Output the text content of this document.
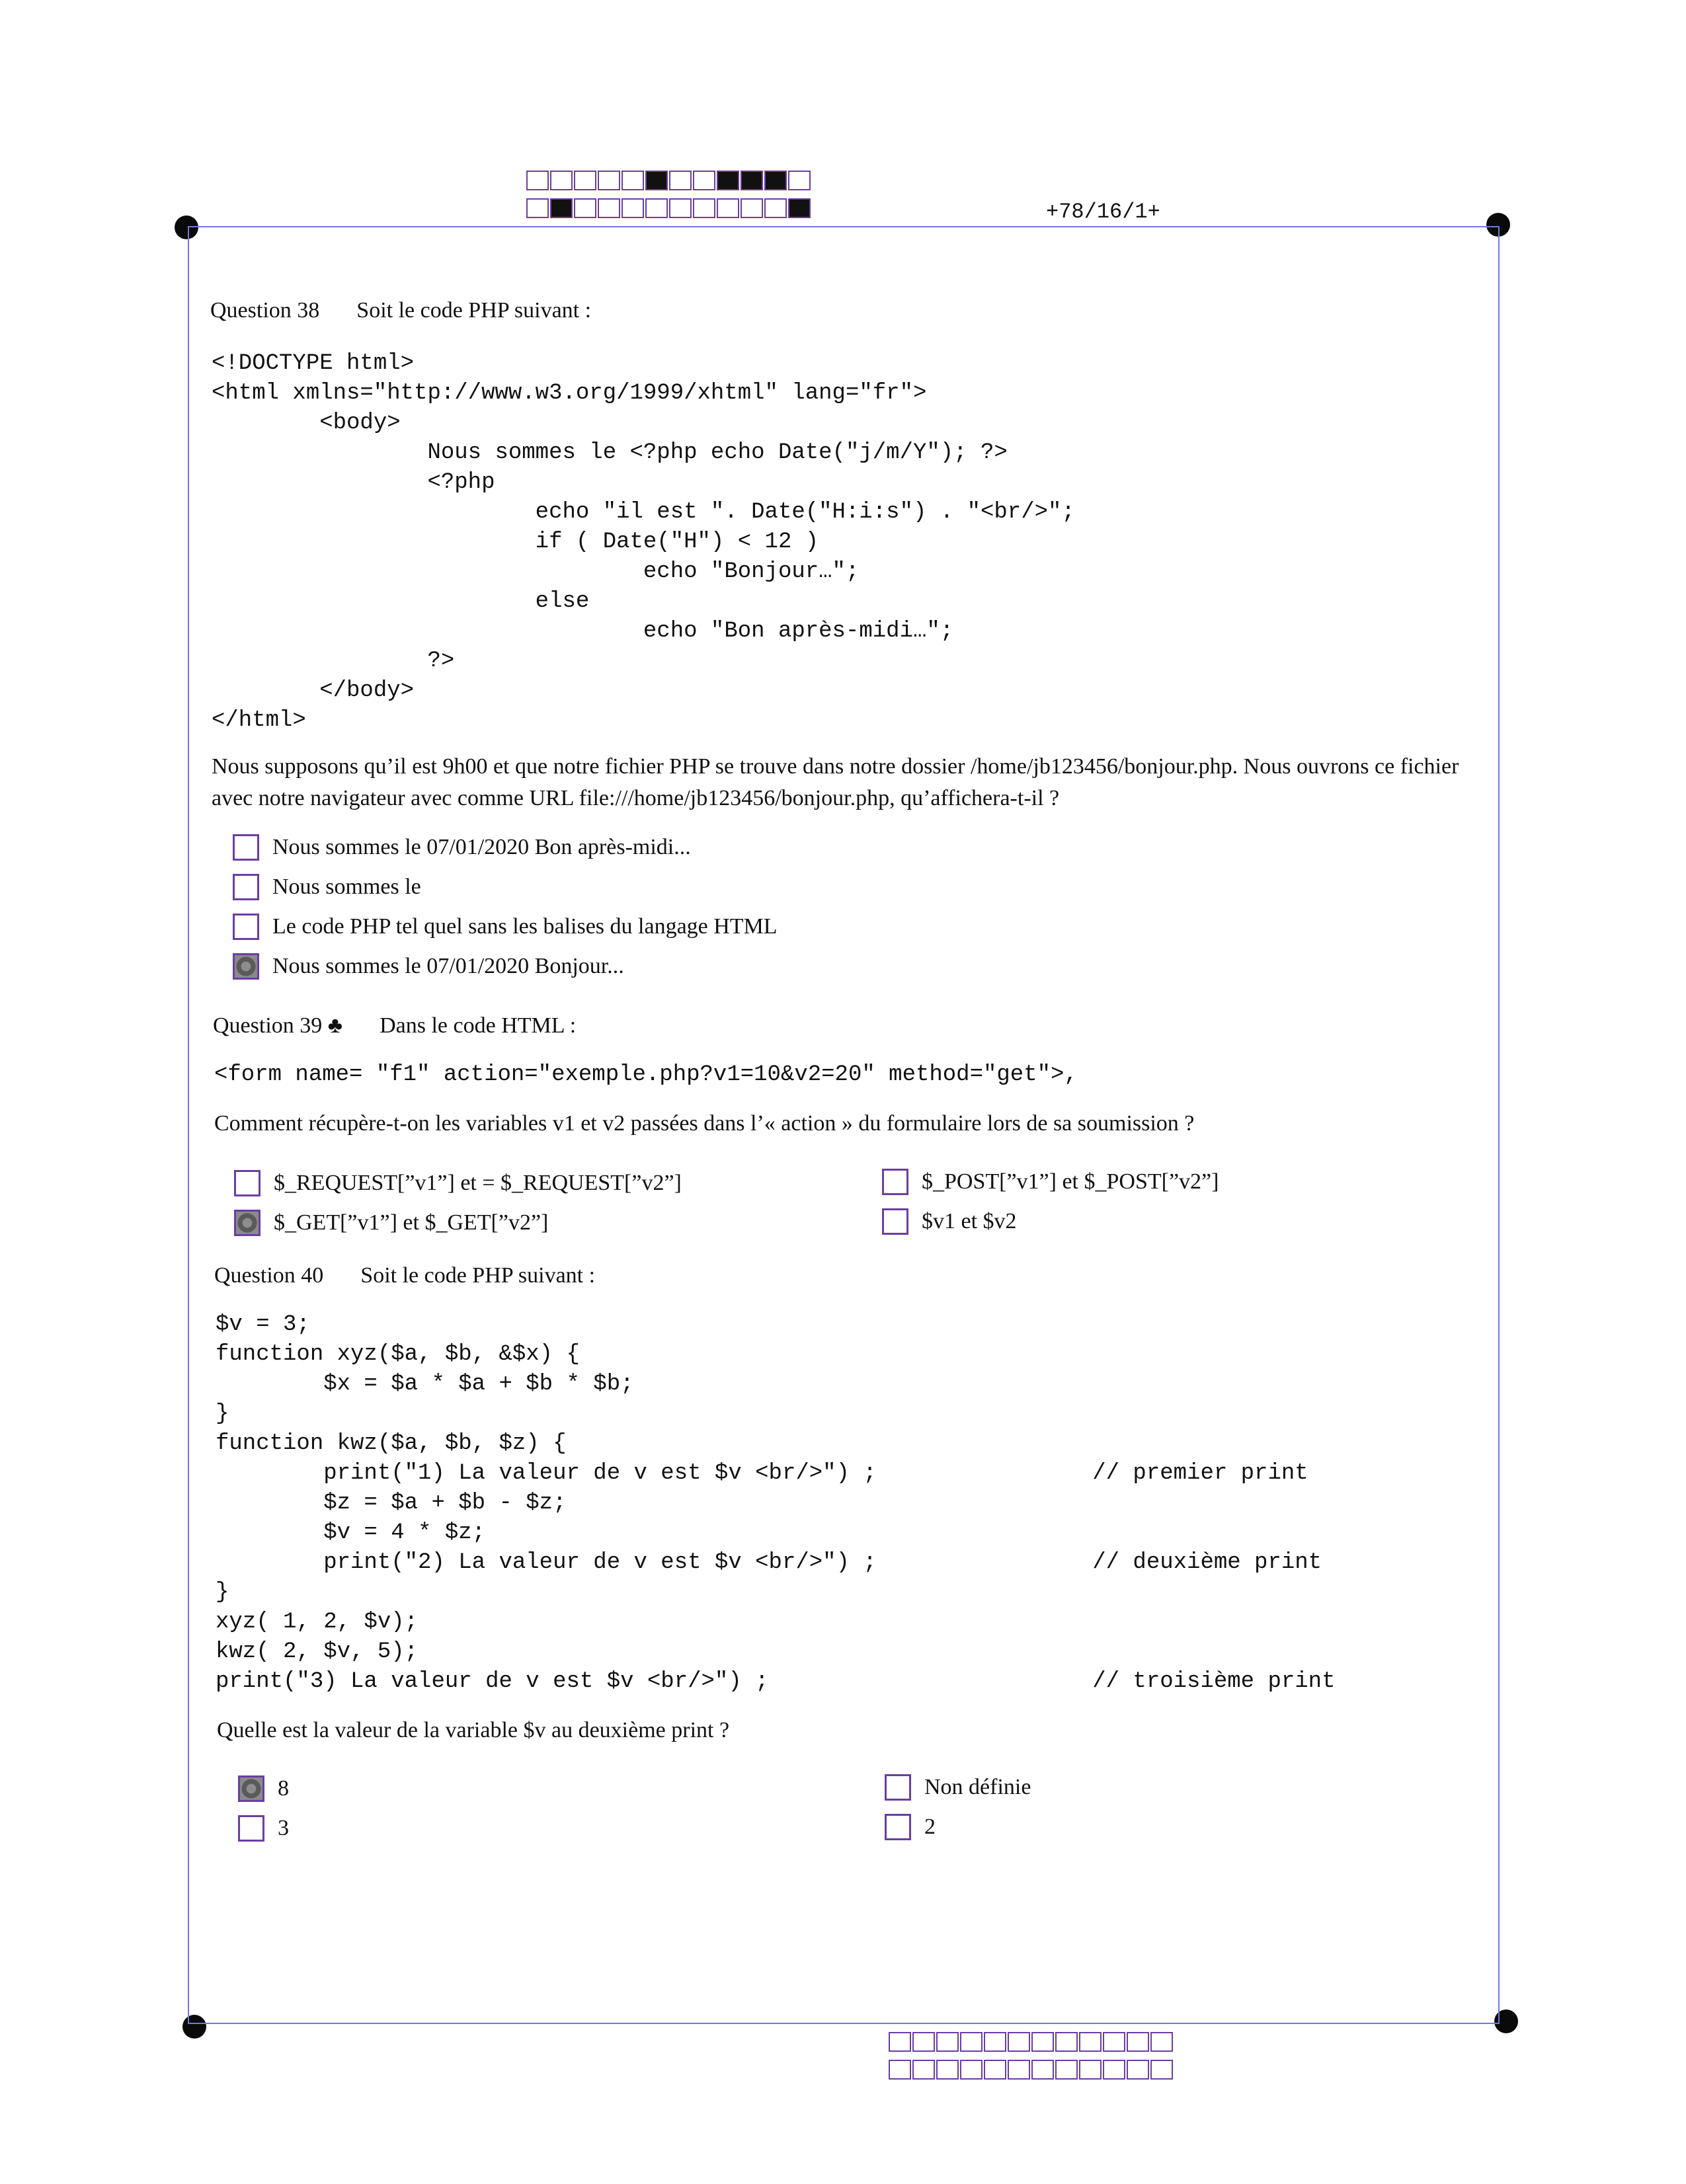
+78/16/1+
Question 38 Soit le code PHP suivant :
<!DOCTYPE html>
<html xmlns="http://www.w3.org/1999/xhtml" lang="fr">
<body>
Nous sommes le <?php echo Date("j/m/Y"); ?>
<?php
echo "il est ". Date("H:i:s") . "<br/>";
if ( Date("H") < 12 )
echo "Bonjour…";
else
echo "Bon après-midi…";
?>
</body>
</html>
Nous supposons qu’il est 9h00 et que notre fichier PHP se trouve dans notre dossier /home/jb123456/bonjour.php. Nous ouvrons ce fichier avec notre navigateur avec comme URL file:///home/jb123456/bonjour.php, qu’affichera-t-il ?
Nous sommes le 07/01/2020 Bon après-midi...
Nous sommes le
Le code PHP tel quel sans les balises du langage HTML
Nous sommes le 07/01/2020 Bonjour...
Question 39 ♣ Dans le code HTML :
<form name= "f1" action="exemple.php?v1=10&v2=20" method="get">,
Comment récupère-t-on les variables v1 et v2 passées dans l’« action » du formulaire lors de sa soumission ?
$_REQUEST[”v1”] et = $_REQUEST[”v2”]	$_POST[”v1”] et $_POST[”v2”]
$_GET[”v1”] et $_GET[”v2”]	$v1 et $v2
Question 40 Soit le code PHP suivant :
$v = 3;
function xyz($a, $b, &$x) {
$x = $a * $a + $b * $b;
}
function kwz($a, $b, $z) {
print("1) La valeur de v est $v <br/>") ;                // premier print
$z = $a + $b - $z;
$v = 4 * $z;
print("2) La valeur de v est $v <br/>") ;                // deuxième print
}
xyz( 1, 2, $v);
kwz( 2, $v, 5);
print("3) La valeur de v est $v <br/>") ;                        // troisième print
Quelle est la valeur de la variable $v au deuxième print ?
8	Non définie
3	2
